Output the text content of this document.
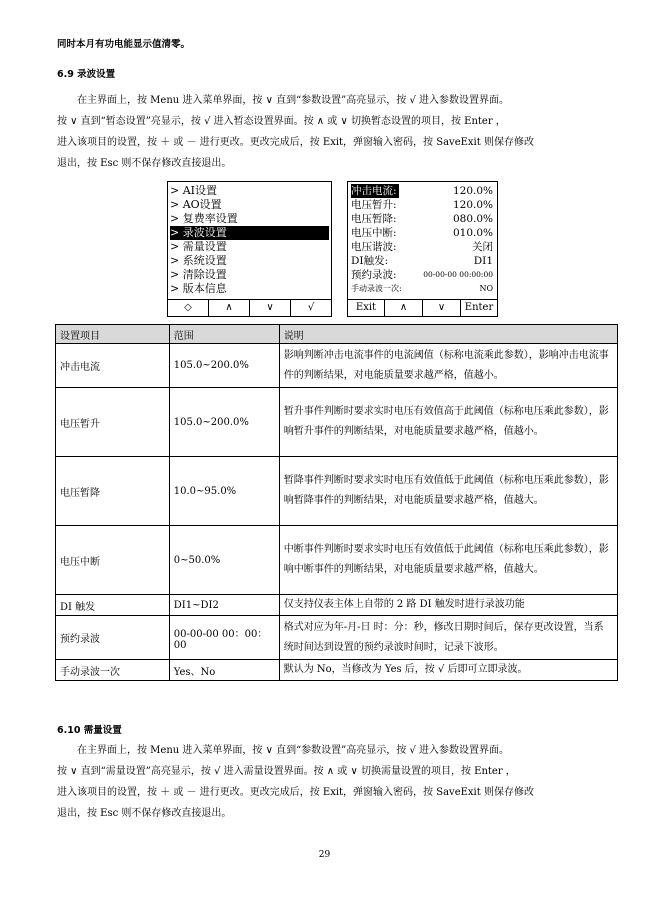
同时本月有功电能显示值清零。
6.9 录波设置
在主界面上，按 Menu 进入菜单界面，按 ∨ 直到“参数设置”高亮显示，按 √ 进入参数设置界面。
按 ∨ 直到“暂态设置”亮显示，按 √ 进入暂态设置界面。按 ∧ 或 ∨ 切换暂态设置的项目，按 Enter ，
进入该项目的设置，按 ＋ 或 － 进行更改。更改完成后，按 Exit，弹窗输入密码，按 SaveExit 则保存修改
退出，按 Esc 则不保存修改直接退出。
> AI设置
> AO设置
> 复费率设置
> 录波设置
> 需量设置
> 系统设置
> 清除设置
> 版本信息
◇	∧	∨	√
冲击电流:	120.0%
电压暂升:	120.0%
电压暂降:	080.0%
电压中断:	010.0%
电压谐波:	关闭
DI触发:	DI1
预约录波:	00-00-00 00:00:00
手动录波一次:	NO
Exit	∧	∨	Enter
设置项目	范围	说明
冲击电流	105.0~200.0%	影响判断冲击电流事件的电流阈值（标称电流乘此参数），影响冲击电流事件的判断结果，对电能质量要求越严格，值越小。
电压暂升	105.0~200.0%	暂升事件判断时要求实时电压有效值高于此阈值（标称电压乘此参数），影响暂升事件的判断结果，对电能质量要求越严格，值越小。
电压暂降	10.0~95.0%	暂降事件判断时要求实时电压有效值低于此阈值（标称电压乘此参数），影响暂降事件的判断结果，对电能质量要求越严格，值越大。
电压中断	0~50.0%	中断事件判断时要求实时电压有效值低于此阈值（标称电压乘此参数），影响中断事件的判断结果，对电能质量要求越严格，值越大。
DI 触发	DI1~DI2	仅支持仪表主体上自带的 2 路 DI 触发时进行录波功能
预约录波	00-00-00 00：00：00	格式对应为年-月-日 时：分：秒，修改日期时间后，保存更改设置，当系统时间达到设置的预约录波时间时，记录下波形。
手动录波一次	Yes、No	默认为 No，当修改为 Yes 后，按 √ 后即可立即录波。
6.10 需量设置
在主界面上，按 Menu 进入菜单界面，按 ∨ 直到“参数设置”高亮显示，按 √ 进入参数设置界面。
按 ∨ 直到“需量设置”高亮显示，按 √ 进入需量设置界面。按 ∧ 或 ∨ 切换需量设置的项目，按 Enter ，
进入该项目的设置，按 ＋ 或 － 进行更改。更改完成后，按 Exit，弹窗输入密码，按 SaveExit 则保存修改
退出，按 Esc 则不保存修改直接退出。
29
